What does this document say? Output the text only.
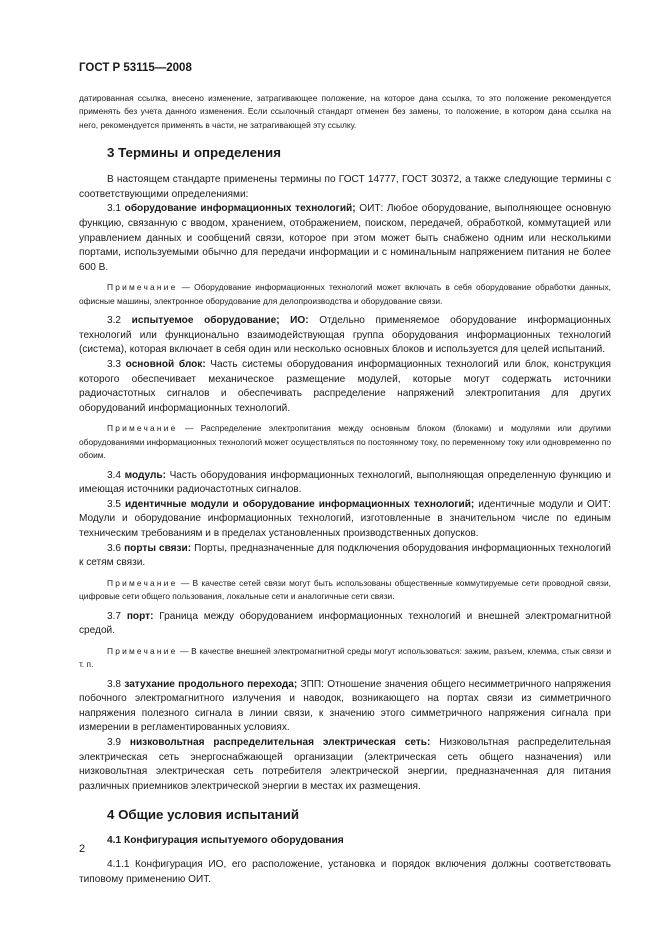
ГОСТ Р 53115—2008

датированная ссылка, внесено изменение, затрагивающее положение, на которое дана ссылка, то это положение рекомендуется применять без учета данного изменения. Если ссылочный стандарт отменен без замены, то положение, в котором дана ссылка на него, рекомендуется применять в части, не затрагивающей эту ссылку.

3 Термины и определения

В настоящем стандарте применены термины по ГОСТ 14777, ГОСТ 30372, а также следующие термины с соответствующими определениями:

3.1 оборудование информационных технологий; ОИТ: Любое оборудование, выполняющее основную функцию, связанную с вводом, хранением, отображением, поиском, передачей, обработкой, коммутацией или управлением данных и сообщений связи, которое при этом может быть снабжено одним или несколькими портами, используемыми обычно для передачи информации и с номинальным напряжением питания не более 600 В.

Примечание — Оборудование информационных технологий может включать в себя оборудование обработки данных, офисные машины, электронное оборудование для делопроизводства и оборудование связи.

3.2 испытуемое оборудование; ИО: Отдельно применяемое оборудование информационных технологий или функционально взаимодействующая группа оборудования информационных технологий (система), которая включает в себя один или несколько основных блоков и используется для целей испытаний.

3.3 основной блок: Часть системы оборудования информационных технологий или блок, конструкция которого обеспечивает механическое размещение модулей, которые могут содержать источники радиочастотных сигналов и обеспечивать распределение напряжений электропитания для других оборудований информационных технологий.

Примечание — Распределение электропитания между основным блоком (блоками) и модулями или другими оборудованиями информационных технологий может осуществляться по постоянному току, по переменному току или одновременно по обоим.

3.4 модуль: Часть оборудования информационных технологий, выполняющая определенную функцию и имеющая источники радиочастотных сигналов.

3.5 идентичные модули и оборудование информационных технологий; идентичные модули и ОИТ: Модули и оборудование информационных технологий, изготовленные в значительном числе по единым техническим требованиям и в пределах установленных производственных допусков.

3.6 порты связи: Порты, предназначенные для подключения оборудования информационных технологий к сетям связи.

Примечание — В качестве сетей связи могут быть использованы общественные коммутируемые сети проводной связи, цифровые сети общего пользования, локальные сети и аналогичные сети связи.

3.7 порт: Граница между оборудованием информационных технологий и внешней электромагнитной средой.

Примечание — В качестве внешней электромагнитной среды могут использоваться: зажим, разъем, клемма, стык связи и т. п.

3.8 затухание продольного перехода; ЗПП: Отношение значения общего несимметричного напряжения побочного электромагнитного излучения и наводок, возникающего на портах связи из симметричного напряжения полезного сигнала в линии связи, к значению этого симметричного напряжения сигнала при измерении в регламентированных условиях.

3.9 низковольтная распределительная электрическая сеть: Низковольтная распределительная электрическая сеть энергоснабжающей организации (электрическая сеть общего назначения) или низковольтная электрическая сеть потребителя электрической энергии, предназначенная для питания различных приемников электрической энергии в местах их размещения.

4 Общие условия испытаний
4.1 Конфигурация испытуемого оборудования

4.1.1 Конфигурация ИО, его расположение, установка и порядок включения должны соответствовать типовому применению ОИТ.

2
